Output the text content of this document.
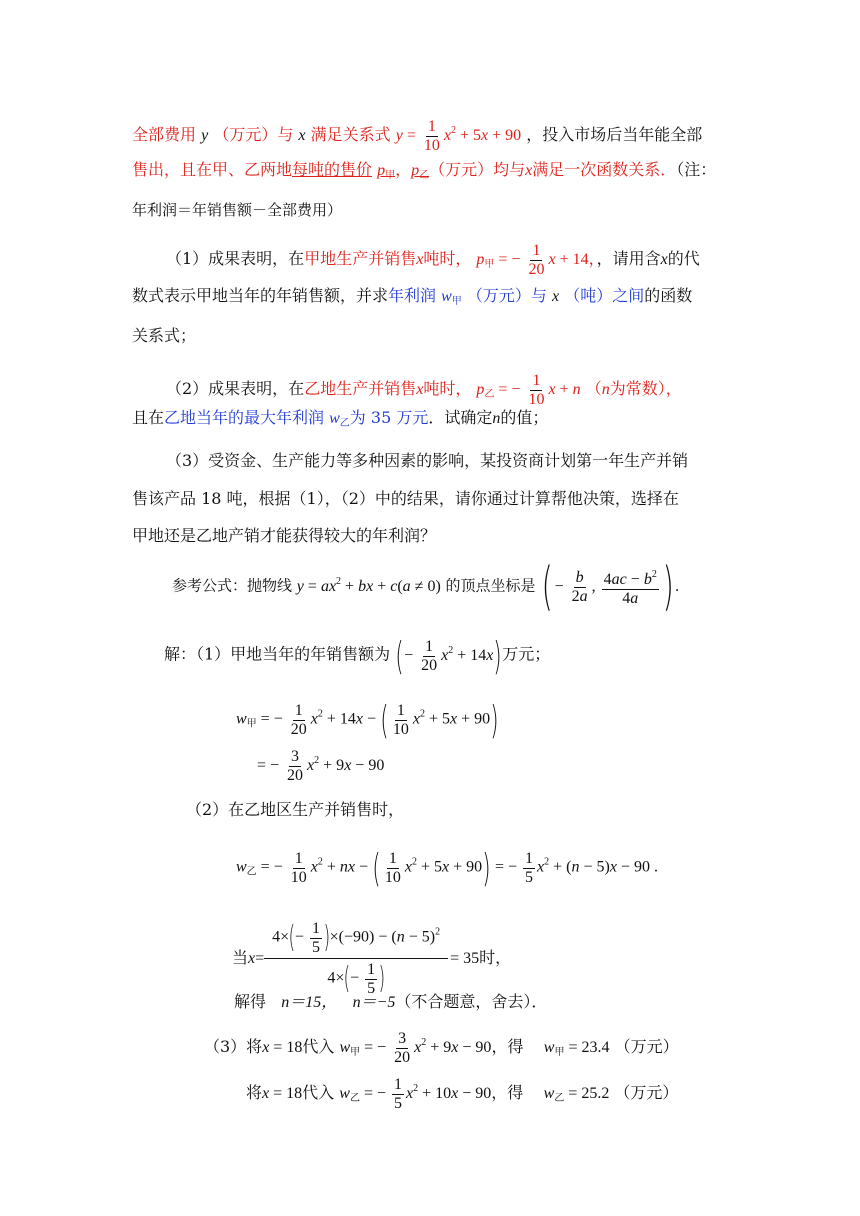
全部费用 y （万元）与 x 满足关系式 $y = \frac{1}{10} x^2 + 5x + 90$ ，投入市场后当年能全部
售出，且在甲、乙两地每吨的售价 $p_甲$，$p_乙$（万元）均与x满足一次函数关系．（注：
年利润＝年销售额－全部费用）
（1）成果表明，在甲地生产并销售x吨时， $p_甲$ = − $\frac{1}{20}$ x + 14，，请用含x的代
数式表示甲地当年的年销售额，并求年利润 $w_甲$ （万元）与 x （吨）之间的函数
关系式；
（2）成果表明，在乙地生产并销售x吨时， $p_乙$ = − $\frac{1}{10}$ x + n （n为常数），
且在乙地当年的最大年利润 $w_乙$为 35 万元．试确定n的值；
（3）受资金、生产能力等多种因素的影响，某投资商计划第一年生产并销
售该产品 18 吨，根据（1），（2）中的结果，请你通过计算帮他决策，选择在
甲地还是乙地产销才能获得较大的年利润？
参考公式：抛物线 $y = ax^2$ + bx + c(a ≠ 0) 的顶点坐标是 (− $\frac{b}{2a}$ , $\frac{4ac - b^2}{4a}$ ).
解：（1）甲地当年的年销售额为 (− $\frac{1}{20} x^2 + 14x$)万元；
$w_甲$ = − $\frac{1}{20} x^2 + 14x$ − ( $\frac{1}{10} x^2 + 5x + 90$)
= − $\frac{3}{20} x^2 + 9x - 90$
（2）在乙地区生产并销售时，
$w_乙$ = − $\frac{1}{10} x^2$ + nx − ( $\frac{1}{10} x^2 + 5x + 90$) = − $\frac{1}{5} x^2 + (n - 5)x - 90$ .
当$x= \frac{4\times(- \frac{1}{5} )\times(-90) - (n - 5)^2}{4\times(- \frac{1}{5} )} = 35$时，
解得 n＝15， n＝−5（不合题意，舍去）．
（3）将x = 18代入 $w_甲$ = − $\frac{3}{20} x^2 + 9x - 90$，得 $w_甲 = 23.4$ （万元）
将x = 18代入 $w_乙$ = − $\frac{1}{5} x^2 + 10x - 90$，得 $w_乙 = 25.2$ （万元）
